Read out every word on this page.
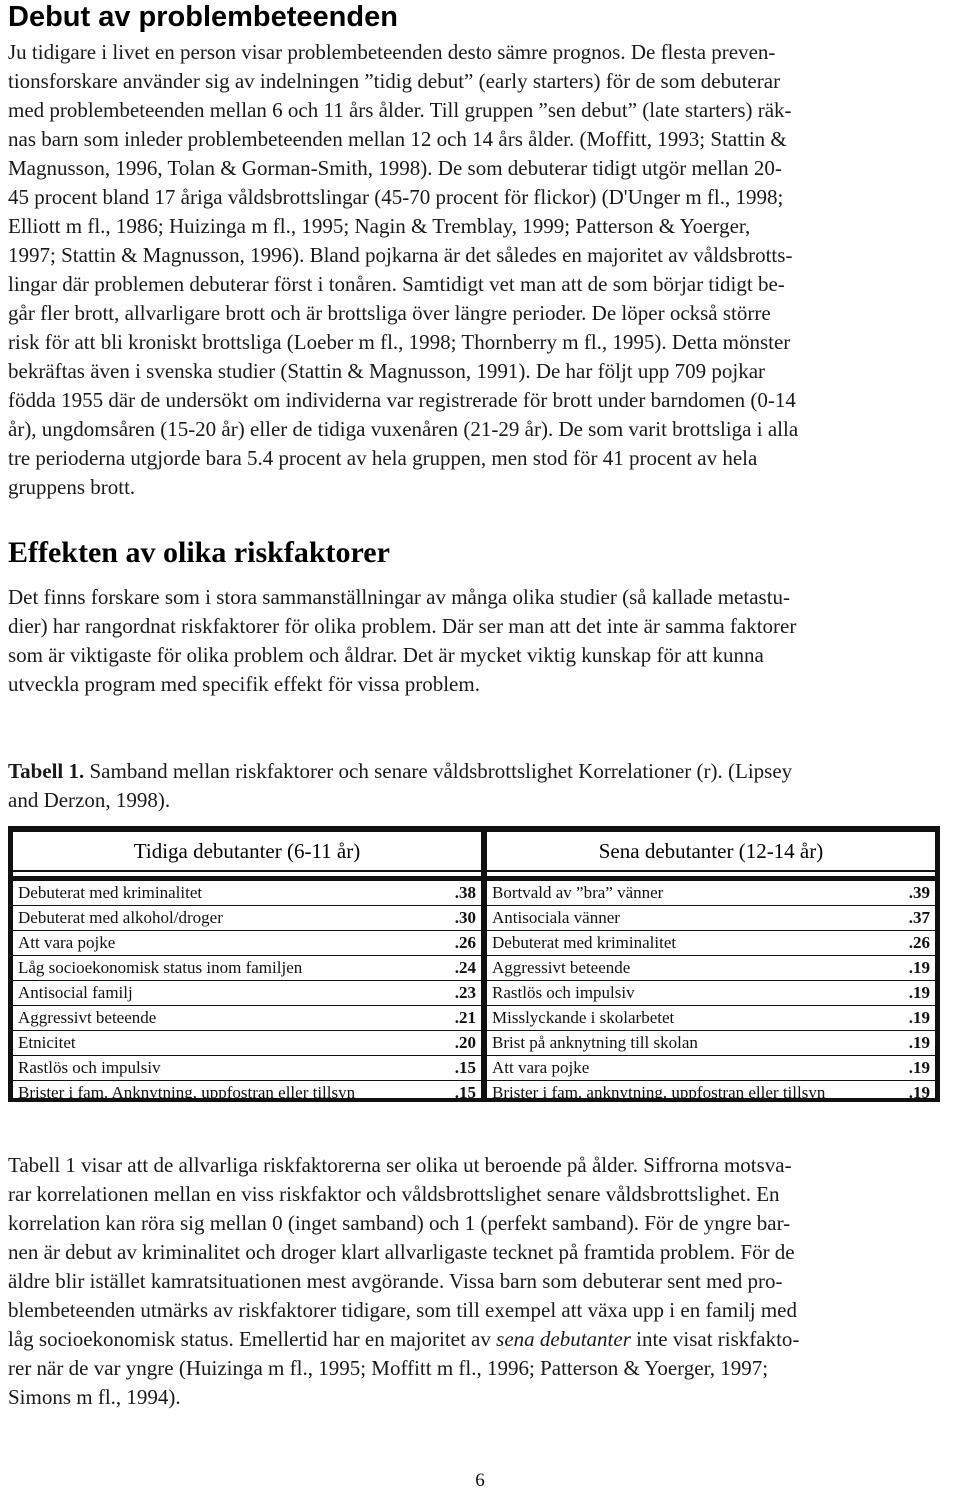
Debut av problembeteenden
Ju tidigare i livet en person visar problembeteenden desto sämre prognos. De flesta preven-
tionsforskare använder sig av indelningen ”tidig debut” (early starters) för de som debuterar
med problembeteenden mellan 6 och 11 års ålder. Till gruppen ”sen debut” (late starters) räk-
nas barn som inleder problembeteenden mellan 12 och 14 års ålder. (Moffitt, 1993; Stattin &
Magnusson, 1996, Tolan & Gorman-Smith, 1998). De som debuterar tidigt utgör mellan 20-
45 procent bland 17 åriga våldsbrottslingar (45-70 procent för flickor) (D'Unger m fl., 1998;
Elliott m fl., 1986; Huizinga m fl., 1995; Nagin & Tremblay, 1999; Patterson & Yoerger,
1997; Stattin & Magnusson, 1996). Bland pojkarna är det således en majoritet av våldsbrotts-
lingar där problemen debuterar först i tonåren. Samtidigt vet man att de som börjar tidigt be-
går fler brott, allvarligare brott och är brottsliga över längre perioder. De löper också större
risk för att bli kroniskt brottsliga (Loeber m fl., 1998; Thornberry m fl., 1995). Detta mönster
bekräftas även i svenska studier (Stattin & Magnusson, 1991). De har följt upp 709 pojkar
födda 1955 där de undersökt om individerna var registrerade för brott under barndomen (0-14
år), ungdomsåren (15-20 år) eller de tidiga vuxenåren (21-29 år). De som varit brottsliga i alla
tre perioderna utgjorde bara 5.4 procent av hela gruppen, men stod för 41 procent av hela
gruppens brott.
Effekten av olika riskfaktorer
Det finns forskare som i stora sammanställningar av många olika studier (så kallade metastu-
dier) har rangordnat riskfaktorer för olika problem. Där ser man att det inte är samma faktorer
som är viktigaste för olika problem och åldrar. Det är mycket viktig kunskap för att kunna
utveckla program med specifik effekt för vissa problem.
Tabell 1. Samband mellan riskfaktorer och senare våldsbrottslighet Korrelationer (r). (Lipsey
and Derzon, 1998).
Tidiga debutanter (6-11 år)
Debuterat med kriminalitet	.38
Debuterat med alkohol/droger	.30
Att vara pojke	.26
Låg socioekonomisk status inom familjen	.24
Antisocial familj	.23
Aggressivt beteende	.21
Etnicitet	.20
Rastlös och impulsiv	.15
Brister i fam. Anknytning, uppfostran eller tillsyn	.15
Sena debutanter (12-14 år)
Bortvald av ”bra” vänner	.39
Antisociala vänner	.37
Debuterat med kriminalitet	.26
Aggressivt beteende	.19
Rastlös och impulsiv	.19
Misslyckande i skolarbetet	.19
Brist på anknytning till skolan	.19
Att vara pojke	.19
Brister i fam. anknytning, uppfostran eller tillsyn	.19
Tabell 1 visar att de allvarliga riskfaktorerna ser olika ut beroende på ålder. Siffrorna motsva-
rar korrelationen mellan en viss riskfaktor och våldsbrottslighet senare våldsbrottslighet. En
korrelation kan röra sig mellan 0 (inget samband) och 1 (perfekt samband). För de yngre bar-
nen är debut av kriminalitet och droger klart allvarligaste tecknet på framtida problem. För de
äldre blir istället kamratsituationen mest avgörande. Vissa barn som debuterar sent med pro-
blembeteenden utmärks av riskfaktorer tidigare, som till exempel att växa upp i en familj med
låg socioekonomisk status. Emellertid har en majoritet av sena debutanter inte visat riskfakto-
rer när de var yngre (Huizinga m fl., 1995; Moffitt m fl., 1996; Patterson & Yoerger, 1997;
Simons m fl., 1994).
6
